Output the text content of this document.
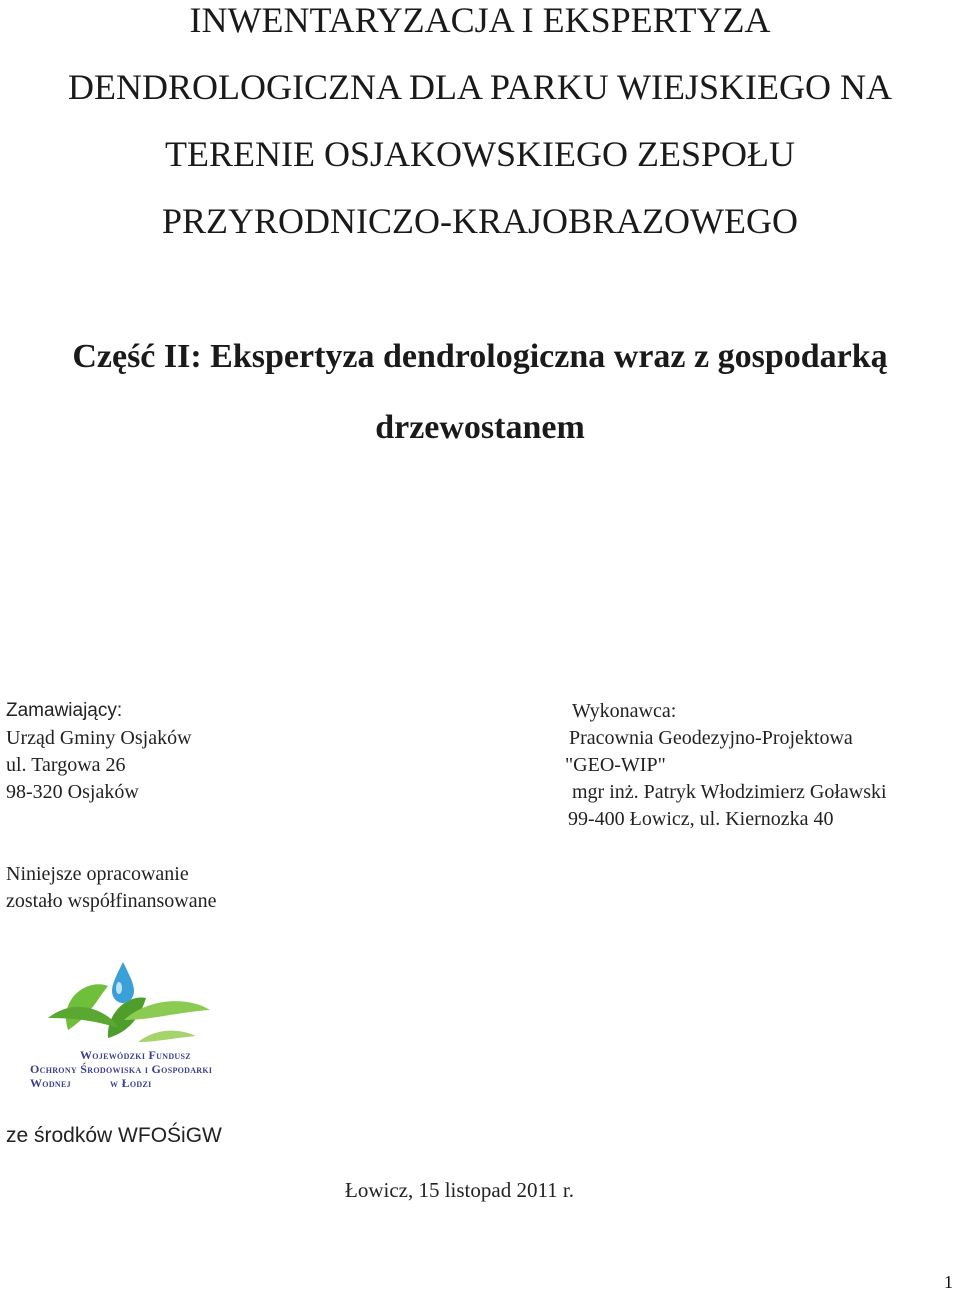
INWENTARYZACJA I EKSPERTYZA
DENDROLOGICZNA DLA PARKU WIEJSKIEGO NA
TERENIE OSJAKOWSKIEGO ZESPOŁU
PRZYRODNICZO-KRAJOBRAZOWEGO
Część II: Ekspertyza dendrologiczna wraz z gospodarką
drzewostanem
Zamawiający:
Urząd Gminy Osjaków
ul. Targowa 26
98-320 Osjaków
Wykonawca:
Pracownia Geodezyjno-Projektowa
"GEO-WIP"
mgr inż. Patryk Włodzimierz Goławski
99-400 Łowicz, ul. Kiernozka 40
Niniejsze opracowanie
zostało współfinansowane
Wojewódzki Fundusz
Ochrony Środowiska i Gospodarki Wodnej	w Łodzi
ze środków WFOŚiGW
Łowicz, 15 listopad 2011 r.
1
